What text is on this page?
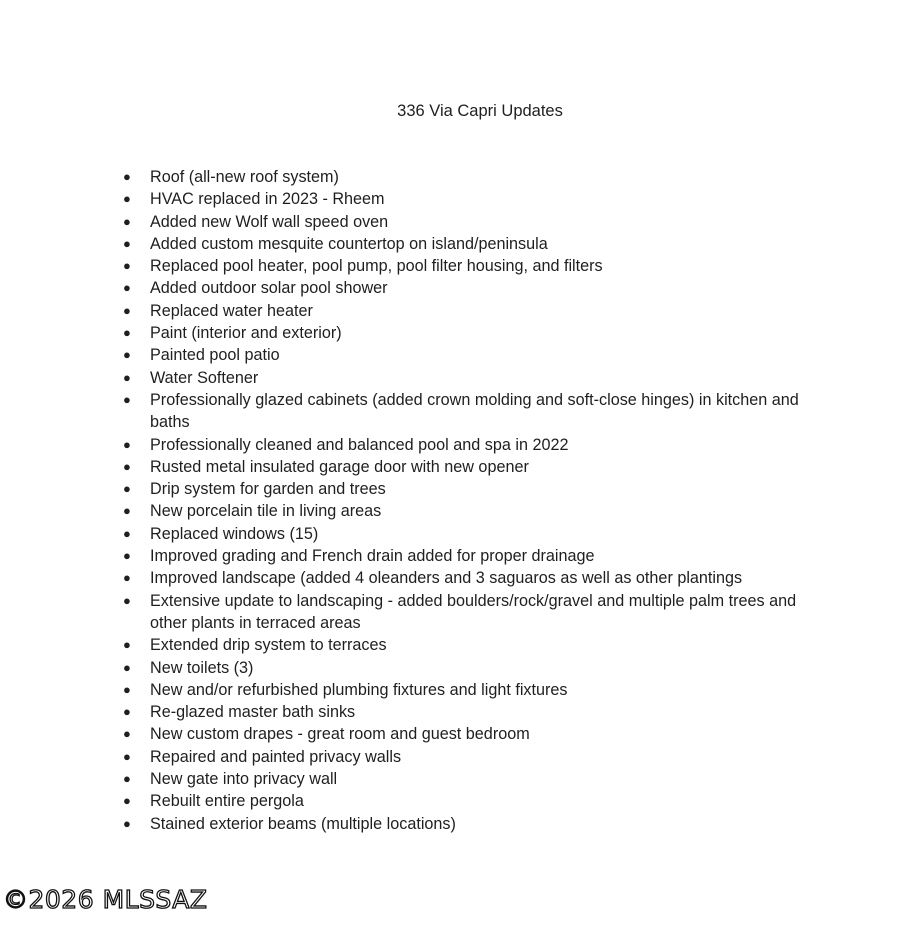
336 Via Capri Updates
● Roof (all-new roof system)
● HVAC replaced in 2023 - Rheem
● Added new Wolf wall speed oven
● Added custom mesquite countertop on island/peninsula
● Replaced pool heater, pool pump, pool filter housing, and filters
● Added outdoor solar pool shower
● Replaced water heater
● Paint (interior and exterior)
● Painted pool patio
● Water Softener
● Professionally glazed cabinets (added crown molding and soft-close hinges) in kitchen and baths
● Professionally cleaned and balanced pool and spa in 2022
● Rusted metal insulated garage door with new opener
● Drip system for garden and trees
● New porcelain tile in living areas
● Replaced windows (15)
● Improved grading and French drain added for proper drainage
● Improved landscape (added 4 oleanders and 3 saguaros as well as other plantings
● Extensive update to landscaping - added boulders/rock/gravel and multiple palm trees and other plants in terraced areas
● Extended drip system to terraces
● New toilets (3)
● New and/or refurbished plumbing fixtures and light fixtures
● Re-glazed master bath sinks
● New custom drapes - great room and guest bedroom
● Repaired and painted privacy walls
● New gate into privacy wall
● Rebuilt entire pergola
● Stained exterior beams (multiple locations)
©2026 MLSSAZ
